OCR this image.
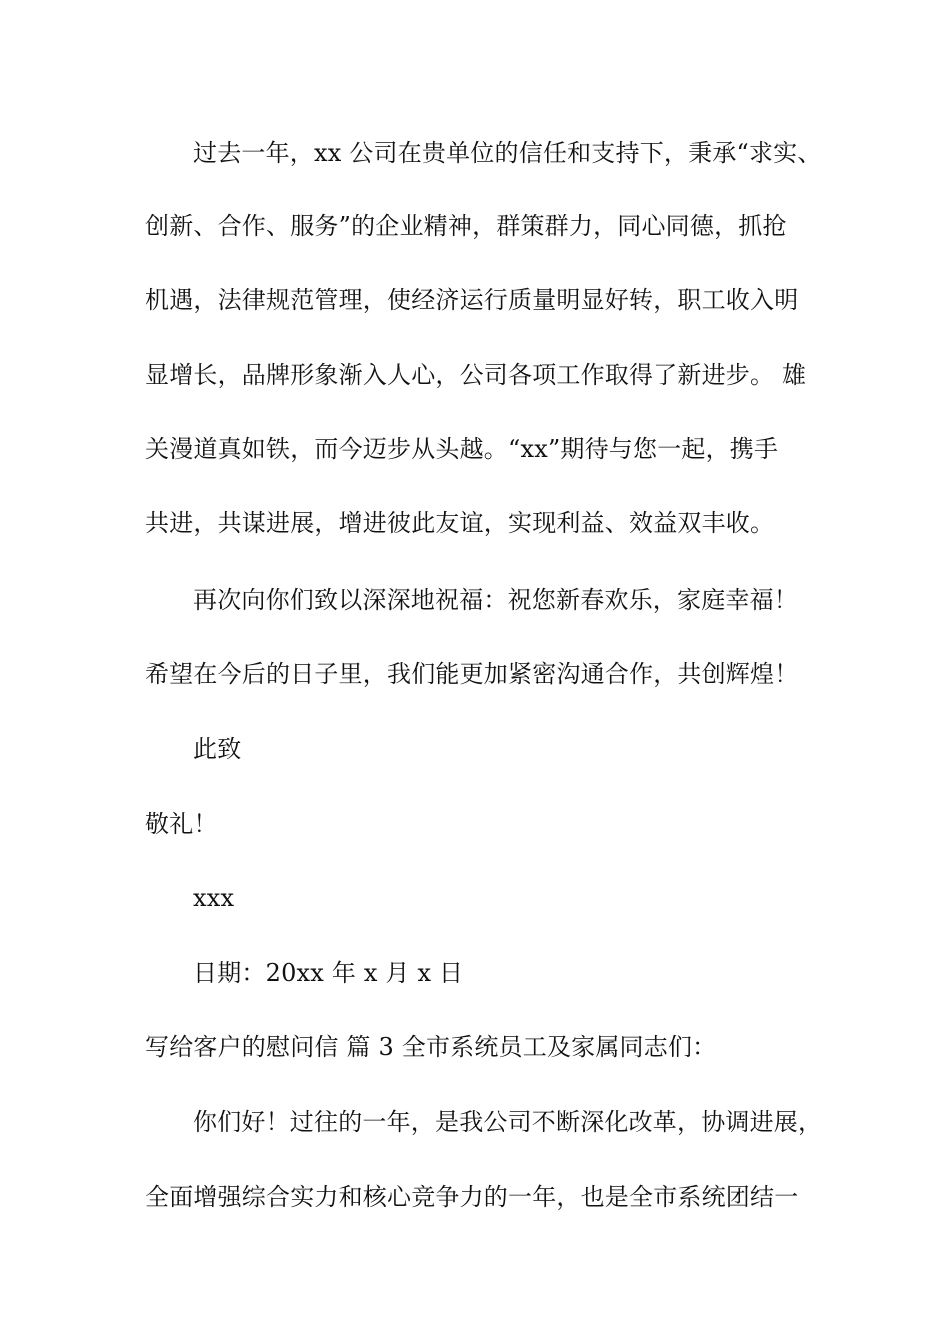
过去一年，xx 公司在贵单位的信任和支持下，秉承“求实、
创新、合作、服务”的企业精神，群策群力，同心同德，抓抢
机遇，法律规范管理，使经济运行质量明显好转，职工收入明
显增长，品牌形象渐入人心，公司各项工作取得了新进步。 雄
关漫道真如铁，而今迈步从头越。“xx”期待与您一起，携手
共进，共谋进展，增进彼此友谊，实现利益、效益双丰收。
再次向你们致以深深地祝福：祝您新春欢乐，家庭幸福！
希望在今后的日子里，我们能更加紧密沟通合作，共创辉煌！
此致
敬礼！
xxx
日期：20xx 年 x 月 x 日
写给客户的慰问信 篇 3 全市系统员工及家属同志们：
你们好！过往的一年，是我公司不断深化改革，协调进展，
全面增强综合实力和核心竞争力的一年，也是全市系统团结一
